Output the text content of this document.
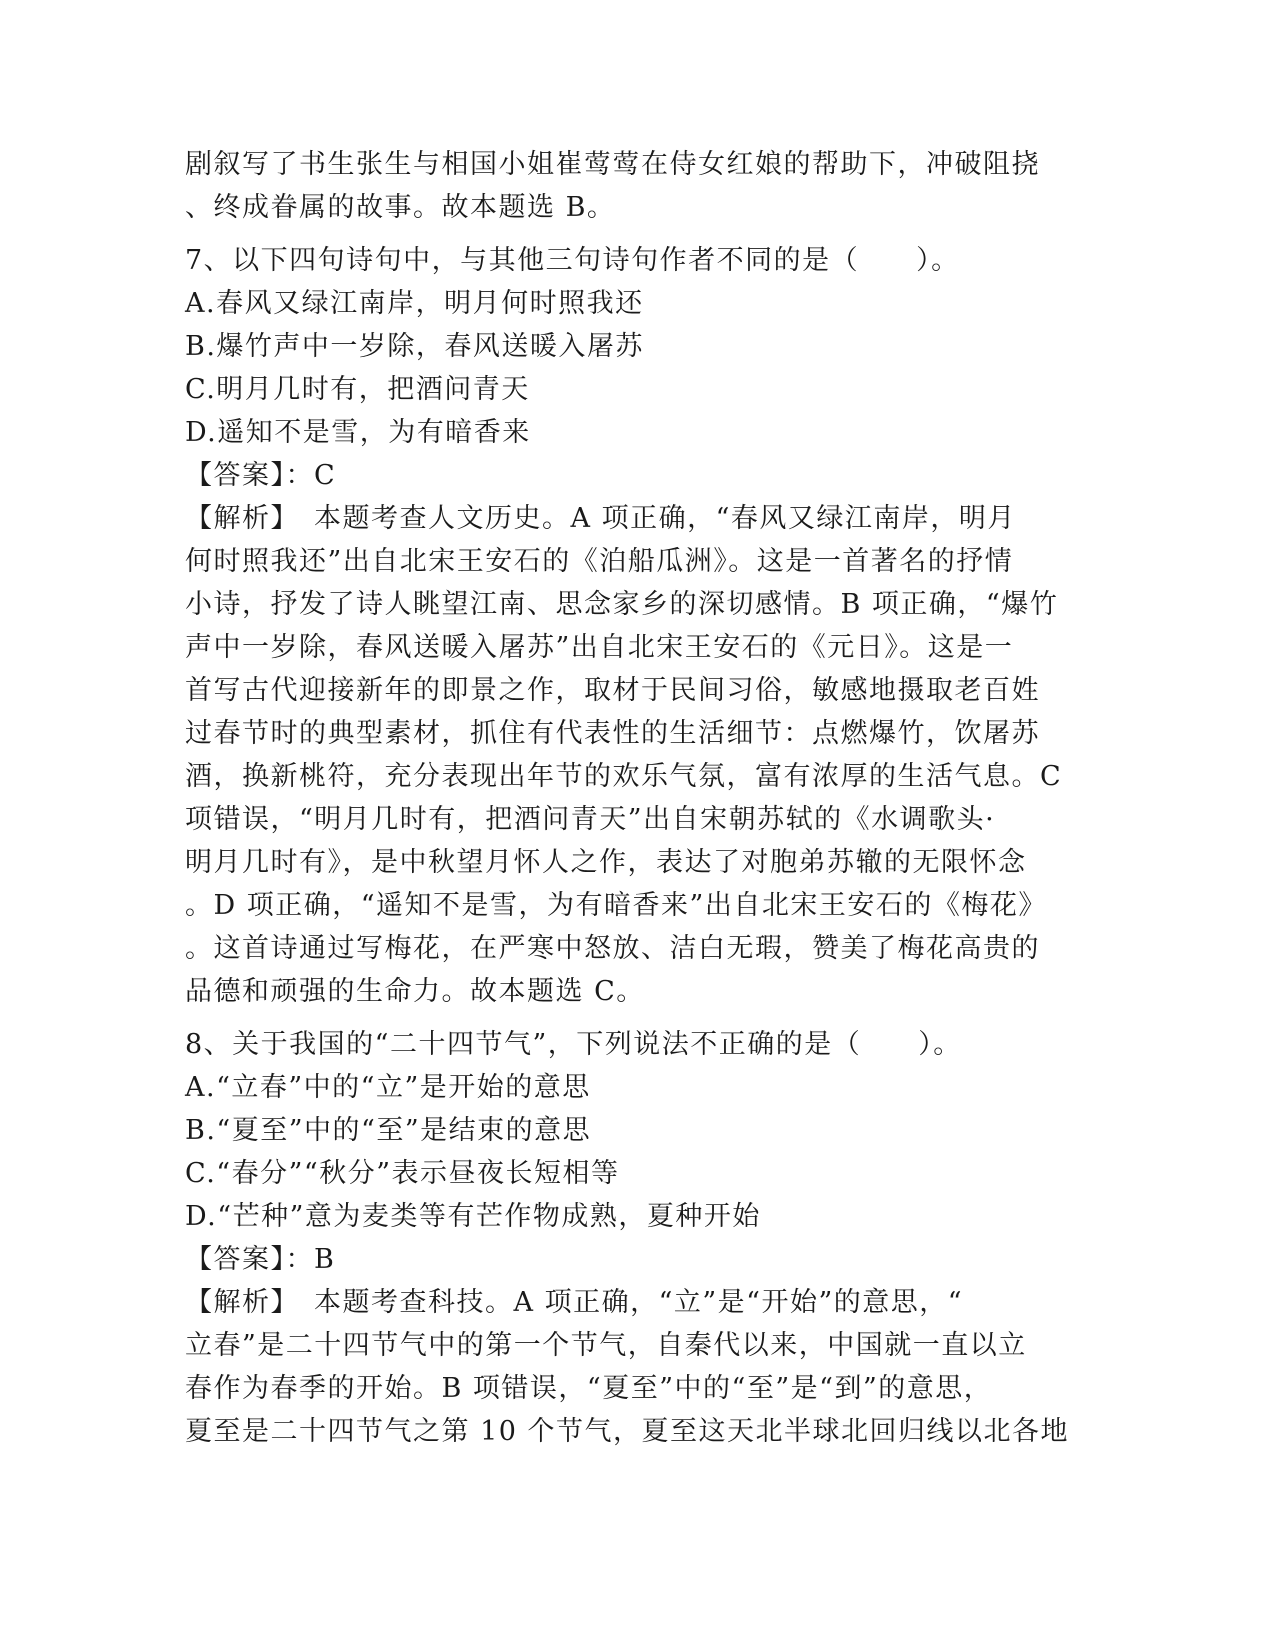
剧叙写了书生张生与相国小姐崔莺莺在侍女红娘的帮助下，冲破阻挠
、终成眷属的故事。故本题选 B。
7、以下四句诗句中，与其他三句诗句作者不同的是（　　）。
A.春风又绿江南岸，明月何时照我还
B.爆竹声中一岁除，春风送暖入屠苏
C.明月几时有，把酒问青天
D.遥知不是雪，为有暗香来
【答案】：C
【解析】　本题考查人文历史。A 项正确，“春风又绿江南岸，明月
何时照我还”出自北宋王安石的《泊船瓜洲》。这是一首著名的抒情
小诗，抒发了诗人眺望江南、思念家乡的深切感情。B 项正确，“爆竹
声中一岁除，春风送暖入屠苏”出自北宋王安石的《元日》。这是一
首写古代迎接新年的即景之作，取材于民间习俗，敏感地摄取老百姓
过春节时的典型素材，抓住有代表性的生活细节：点燃爆竹，饮屠苏
酒，换新桃符，充分表现出年节的欢乐气氛，富有浓厚的生活气息。C
项错误，“明月几时有，把酒问青天”出自宋朝苏轼的《水调歌头·
明月几时有》，是中秋望月怀人之作，表达了对胞弟苏辙的无限怀念
。D 项正确，“遥知不是雪，为有暗香来”出自北宋王安石的《梅花》
。这首诗通过写梅花，在严寒中怒放、洁白无瑕，赞美了梅花高贵的
品德和顽强的生命力。故本题选 C。
8、关于我国的“二十四节气”，下列说法不正确的是（　　）。
A.“立春”中的“立”是开始的意思
B.“夏至”中的“至”是结束的意思
C.“春分”“秋分”表示昼夜长短相等
D.“芒种”意为麦类等有芒作物成熟，夏种开始
【答案】：B
【解析】　本题考查科技。A 项正确，“立”是“开始”的意思，“
立春”是二十四节气中的第一个节气，自秦代以来，中国就一直以立
春作为春季的开始。B 项错误，“夏至”中的“至”是“到”的意思，
夏至是二十四节气之第 10 个节气，夏至这天北半球北回归线以北各地
